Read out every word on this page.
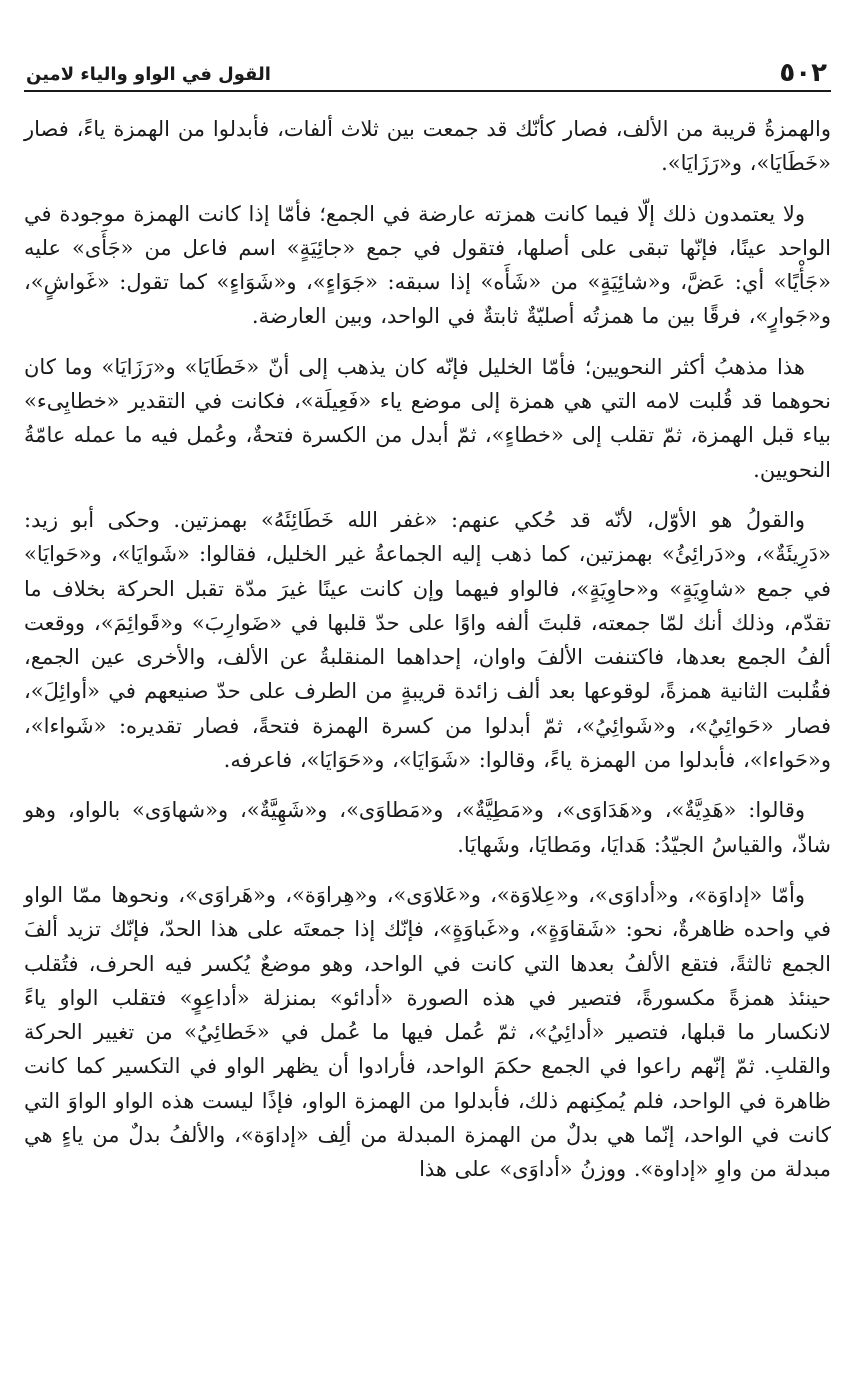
٥٠٢
القول في الواو والياء لامين

والهمزةُ قريبة من الألف، فصار كأنّك قد جمعت بين ثلاث ألفات، فأبدلوا من الهمزة ياءً، فصار «خَطَايَا»، و«رَزَايَا».

ولا يعتمدون ذلك إلّا فيما كانت همزته عارضة في الجمع؛ فأمّا إذا كانت الهمزة موجودة في الواحد عينًا، فإنّها تبقى على أصلها، فتقول في جمع «جائِيَةٍ» اسم فاعل من «جَأَى» عليه «جَأْيًا» أي: عَضَّ، و«شائِيَةٍ» من «شَأَه» إذا سبقه: «جَوَاءٍ»، و«شَوَاءٍ» كما تقول: «غَواشٍ»، و«جَوارٍ»، فرقًا بين ما همزتُه أصليّةٌ ثابتةٌ في الواحد، وبين العارضة.

هذا مذهبُ أكثر النحويين؛ فأمّا الخليل فإنّه كان يذهب إلى أنّ «خَطَايَا» و«رَزَايَا» وما كان نحوهما قد قُلبت لامه التي هي همزة إلى موضع ياء «فَعِيلَة»، فكانت في التقدير «خطايِىء» بياء قبل الهمزة، ثمّ تقلب إلى «خطاءٍ»، ثمّ أبدل من الكسرة فتحةٌ، وعُمل فيه ما عمله عامّةُ النحويين.

والقولُ هو الأوّل، لأنّه قد حُكي عنهم: «غفر الله خَطَائِئَهُ» بهمزتين. وحكى أبو زيد: «دَرِيئَةٌ»، و«دَرائِئُ» بهمزتين، كما ذهب إليه الجماعةُ غير الخليل، فقالوا: «شَوايَا»، و«حَوايَا» في جمع «شاوِيَةٍ» و«حاوِيَةٍ»، فالواو فيهما وإن كانت عينًا غيرَ مدّة تقبل الحركة بخلاف ما تقدّم، وذلك أنك لمّا جمعته، قلبتَ ألفه واوًا على حدّ قلبها في «ضَوارِبَ» و«قَوائِمَ»، ووقعت ألفُ الجمع بعدها، فاكتنفت الألفَ واوان، إحداهما المنقلبةُ عن الألف، والأخرى عين الجمع، فقُلبت الثانية همزةً، لوقوعها بعد ألف زائدة قريبةٍ من الطرف على حدّ صنيعهم في «أوائِلَ»، فصار «حَوائِيُ»، و«شَوائِيُ»، ثمّ أبدلوا من كسرة الهمزة فتحةً، فصار تقديره: «شَواءا»، و«حَواءا»، فأبدلوا من الهمزة ياءً، وقالوا: «شَوَايَا»، و«حَوَايَا»، فاعرفه.

وقالوا: «هَدِيَّةٌ»، و«هَدَاوَى»، و«مَطِيَّةٌ»، و«مَطاوَى»، و«شَهِيَّةٌ»، و«شهاوَى» بالواو، وهو شاذّ، والقياسُ الجيّدُ: هَدايَا، ومَطايَا، وشَهايَا.

وأمّا «إداوَة»، و«أداوَى»، و«عِلاوَة»، و«عَلاوَى»، و«هِراوَة»، و«هَراوَى»، ونحوها ممّا الواو في واحده ظاهرةٌ، نحو: «شَقاوَةٍ»، و«غَباوَةٍ»، فإنّك إذا جمعتَه على هذا الحدّ، فإنّك تزيد ألفَ الجمع ثالثةً، فتقع الألفُ بعدها التي كانت في الواحد، وهو موضعٌ يُكسر فيه الحرف، فتُقلب حينئذ همزةً مكسورةً، فتصير في هذه الصورة «أدائو» بمنزلة «أداعِوٍ» فتقلب الواو ياءً لانكسار ما قبلها، فتصير «أدائِيُ»، ثمّ عُمل فيها ما عُمل في «خَطائِيُ» من تغيير الحركة والقلبِ. ثمّ إنّهم راعوا في الجمع حكمَ الواحد، فأرادوا أن يظهر الواو في التكسير كما كانت ظاهرة في الواحد، فلم يُمكِنهم ذلك، فأبدلوا من الهمزة الواو، فإذًا ليست هذه الواو الواوَ التي كانت في الواحد، إنّما هي بدلٌ من الهمزة المبدلة من ألِف «إداوَة»، والألفُ بدلٌ من ياءٍ هي مبدلة من واوِ «إداوة». ووزنُ «أداوَى» على هذا
